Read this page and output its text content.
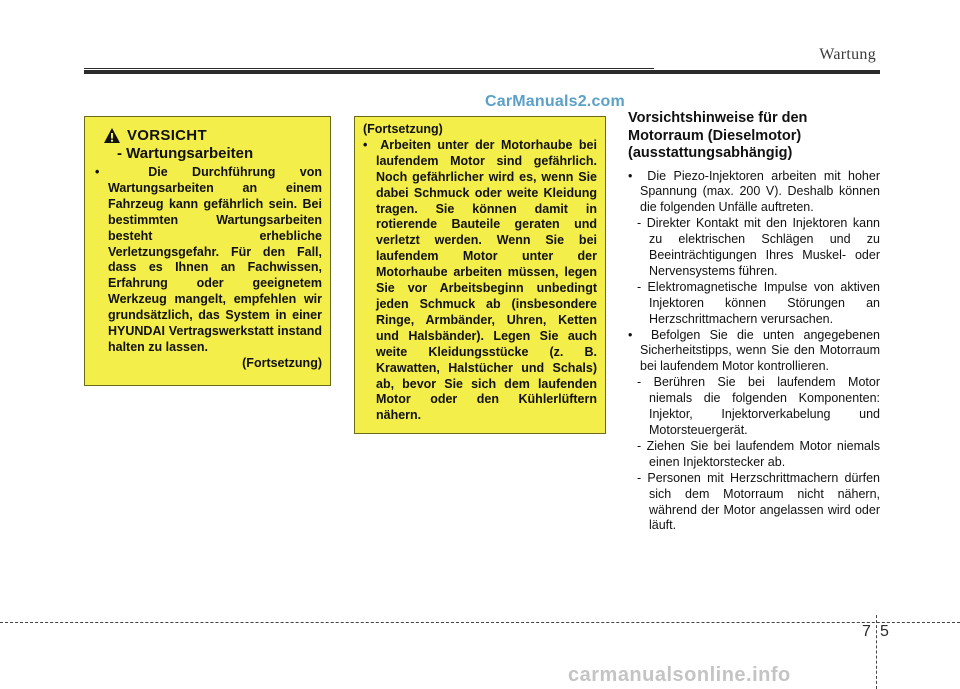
Wartung
CarManuals2.com
VORSICHT
- Wartungsarbeiten
•  Die Durchführung von Wartungsarbeiten an einem Fahrzeug kann gefährlich sein. Bei bestimmten Wartungsarbeiten besteht erhebliche Verletzungsgefahr. Für den Fall, dass es Ihnen an Fachwissen, Erfahrung oder geeignetem Werkzeug mangelt, empfehlen wir grundsätzlich, das System in einer HYUNDAI Vertragswerkstatt instand halten zu lassen.
(Fortsetzung)
(Fortsetzung)
•  Arbeiten unter der Motorhaube bei laufendem Motor sind gefährlich. Noch gefährlicher wird es, wenn Sie dabei Schmuck oder weite Kleidung tragen. Sie können damit in rotierende Bauteile geraten und verletzt werden. Wenn Sie bei laufendem Motor unter der Motorhaube arbeiten müssen, legen Sie vor Arbeitsbeginn unbedingt jeden Schmuck ab (insbesondere Ringe, Armbänder, Uhren, Ketten und Halsbänder). Legen Sie auch weite Kleidungsstücke (z. B. Krawatten, Halstücher und Schals) ab, bevor Sie sich dem laufenden Motor oder den Kühlerlüftern nähern.
Vorsichtshinweise für den Motorraum (Dieselmotor) (ausstattungsabhängig)
•  Die Piezo-Injektoren arbeiten mit hoher Spannung (max. 200 V). Deshalb können die folgenden Unfälle auftreten.
- Direkter Kontakt mit den Injektoren kann zu elektrischen Schlägen und zu Beeinträchtigungen Ihres Muskel- oder Nervensystems führen.
- Elektromagnetische Impulse von aktiven Injektoren können Störungen an Herzschrittmachern verursachen.
•  Befolgen Sie die unten angegebenen Sicherheitstipps, wenn Sie den Motorraum bei laufendem Motor kontrollieren.
- Berühren Sie bei laufendem Motor niemals die folgenden Komponenten: Injektor, Injektorverkabelung und Motorsteuergerät.
- Ziehen Sie bei laufendem Motor niemals einen Injektorstecker ab.
- Personen mit Herzschrittmachern dürfen sich dem Motorraum nicht nähern, während der Motor angelassen wird oder läuft.
7 5
carmanualsonline.info
